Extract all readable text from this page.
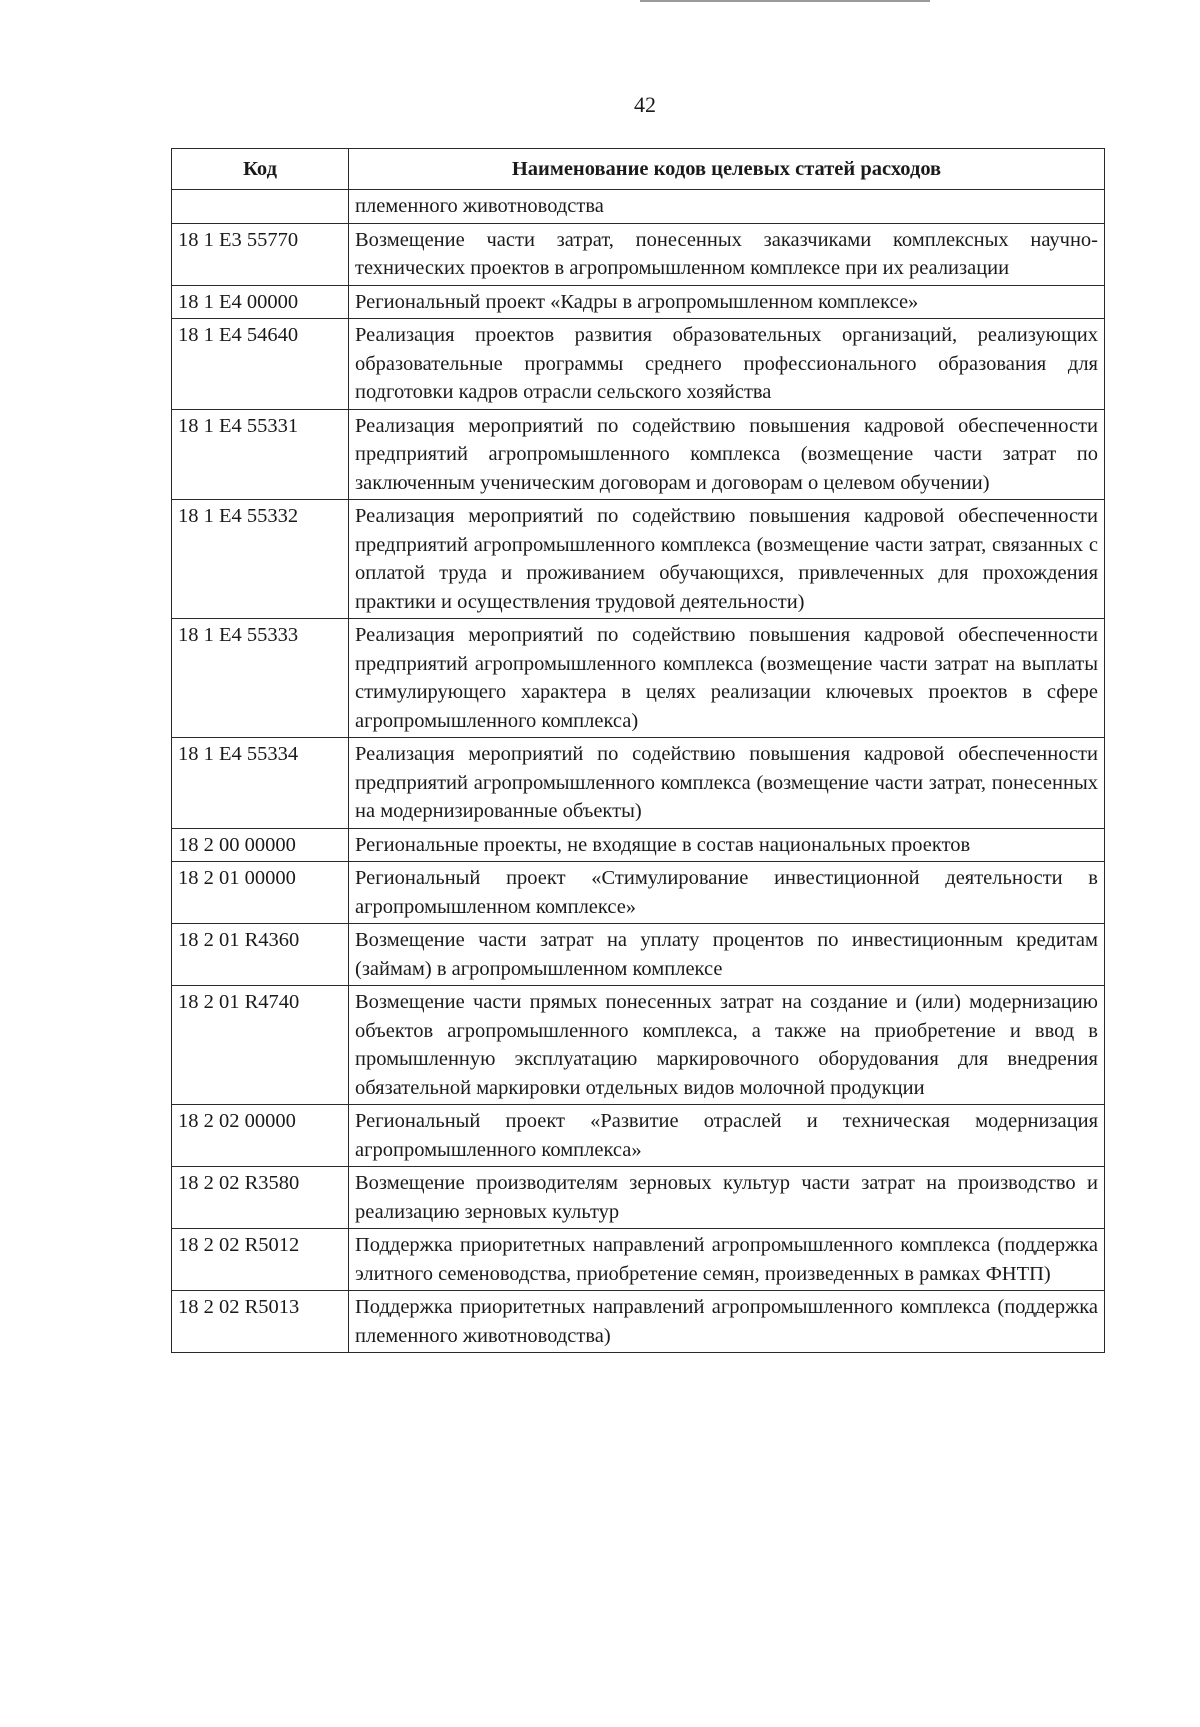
42
Код	Наименование кодов целевых статей расходов
	племенного животноводства
18 1 E3 55770	Возмещение части затрат, понесенных заказчиками комплексных научно-технических проектов в агропромышленном комплексе при их реализации
18 1 E4 00000	Региональный проект «Кадры в агропромышленном комплексе»
18 1 E4 54640	Реализация проектов развития образовательных организаций, реализующих образовательные программы среднего профессионального образования для подготовки кадров отрасли сельского хозяйства
18 1 E4 55331	Реализация мероприятий по содействию повышения кадровой обеспеченности предприятий агропромышленного комплекса (возмещение части затрат по заключенным ученическим договорам и договорам о целевом обучении)
18 1 E4 55332	Реализация мероприятий по содействию повышения кадровой обеспеченности предприятий агропромышленного комплекса (возмещение части затрат, связанных с оплатой труда и проживанием обучающихся, привлеченных для прохождения практики и осуществления трудовой деятельности)
18 1 E4 55333	Реализация мероприятий по содействию повышения кадровой обеспеченности предприятий агропромышленного комплекса (возмещение части затрат на выплаты стимулирующего характера в целях реализации ключевых проектов в сфере агропромышленного комплекса)
18 1 E4 55334	Реализация мероприятий по содействию повышения кадровой обеспеченности предприятий агропромышленного комплекса (возмещение части затрат, понесенных на модернизированные объекты)
18 2 00 00000	Региональные проекты, не входящие в состав национальных проектов
18 2 01 00000	Региональный проект «Стимулирование инвестиционной деятельности в агропромышленном комплексе»
18 2 01 R4360	Возмещение части затрат на уплату процентов по инвестиционным кредитам (займам) в агропромышленном комплексе
18 2 01 R4740	Возмещение части прямых понесенных затрат на создание и (или) модернизацию объектов агропромышленного комплекса, а также на приобретение и ввод в промышленную эксплуатацию маркировочного оборудования для внедрения обязательной маркировки отдельных видов молочной продукции
18 2 02 00000	Региональный проект «Развитие отраслей и техническая модернизация агропромышленного комплекса»
18 2 02 R3580	Возмещение производителям зерновых культур части затрат на производство и реализацию зерновых культур
18 2 02 R5012	Поддержка приоритетных направлений агропромышленного комплекса (поддержка элитного семеноводства, приобретение семян, произведенных в рамках ФНТП)
18 2 02 R5013	Поддержка приоритетных направлений агропромышленного комплекса (поддержка племенного животноводства)
